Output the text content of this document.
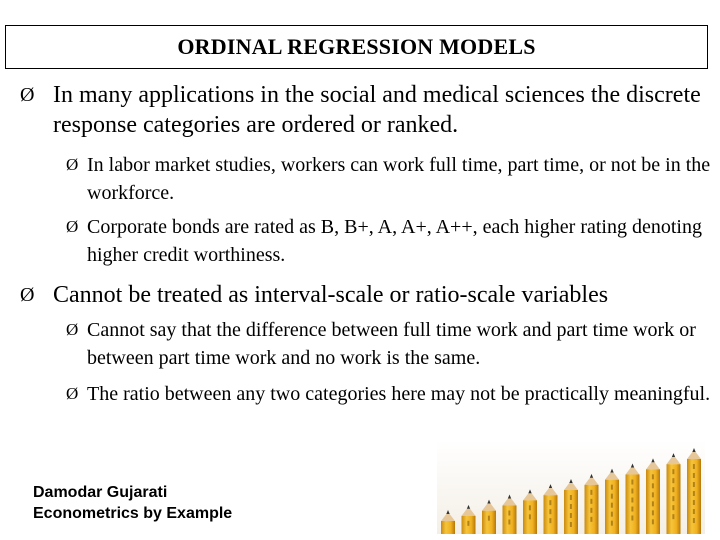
ORDINAL REGRESSION MODELS
Ø In many applications in the social and medical sciences the discrete response categories are ordered or ranked.
Ø In labor market studies, workers can work full time, part time, or not be in the workforce.
Ø Corporate bonds are rated as B, B+, A, A+, A++, each higher rating denoting higher credit worthiness.
Ø Cannot be treated as interval-scale or ratio-scale variables
Ø Cannot say that the difference between full time work and part time work or between part time work and no work is the same.
Ø The ratio between any two categories here may not be practically meaningful.
Damodar Gujarati
Econometrics by Example
